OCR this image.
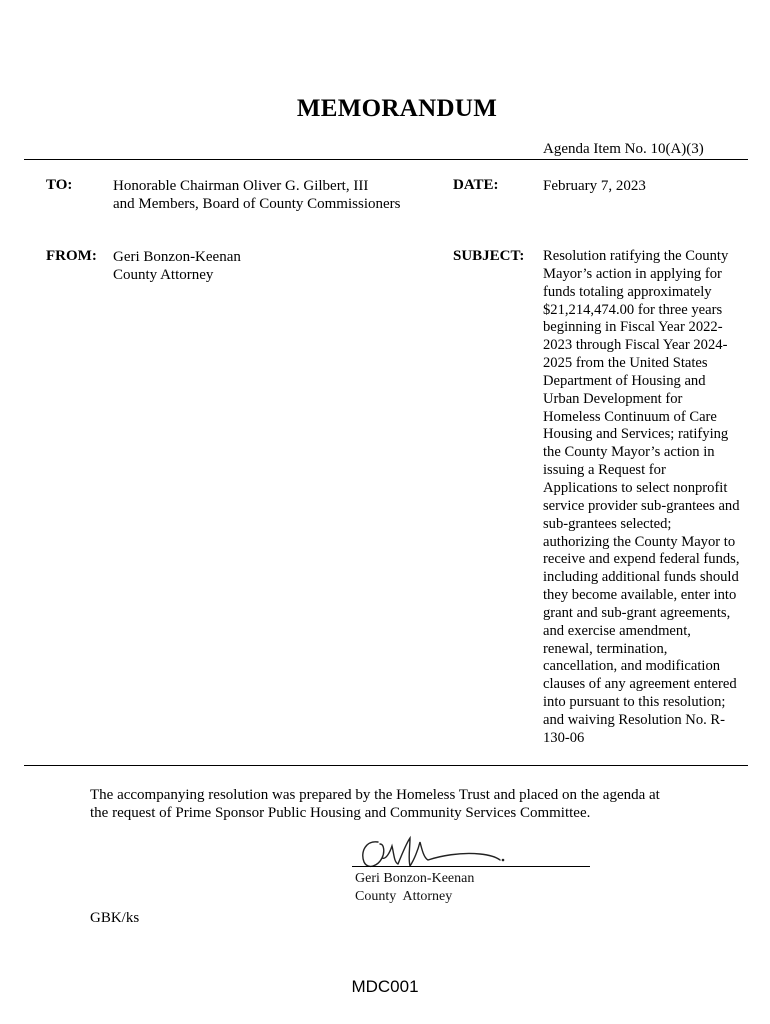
MEMORANDUM
Agenda Item No. 10(A)(3)
TO:	Honorable Chairman Oliver G. Gilbert, III
and Members, Board of County Commissioners
DATE:	February 7, 2023
FROM: Geri Bonzon-Keenan
County Attorney
SUBJECT: Resolution ratifying the County
Mayor’s action in applying for
funds totaling approximately
$21,214,474.00 for three years
beginning in Fiscal Year 2022-
2023 through Fiscal Year 2024-
2025 from the United States
Department of Housing and
Urban Development for
Homeless Continuum of Care
Housing and Services; ratifying
the County Mayor’s action in
issuing a Request for
Applications to select nonprofit
service provider sub-grantees and
sub-grantees selected;
authorizing the County Mayor to
receive and expend federal funds,
including additional funds should
they become available, enter into
grant and sub-grant agreements,
and exercise amendment,
renewal, termination,
cancellation, and modification
clauses of any agreement entered
into pursuant to this resolution;
and waiving Resolution No. R-
130-06
The accompanying resolution was prepared by the Homeless Trust and placed on the agenda at
the request of Prime Sponsor Public Housing and Community Services Committee.
Geri Bonzon-Keenan
County  Attorney
GBK/ks
MDC001
